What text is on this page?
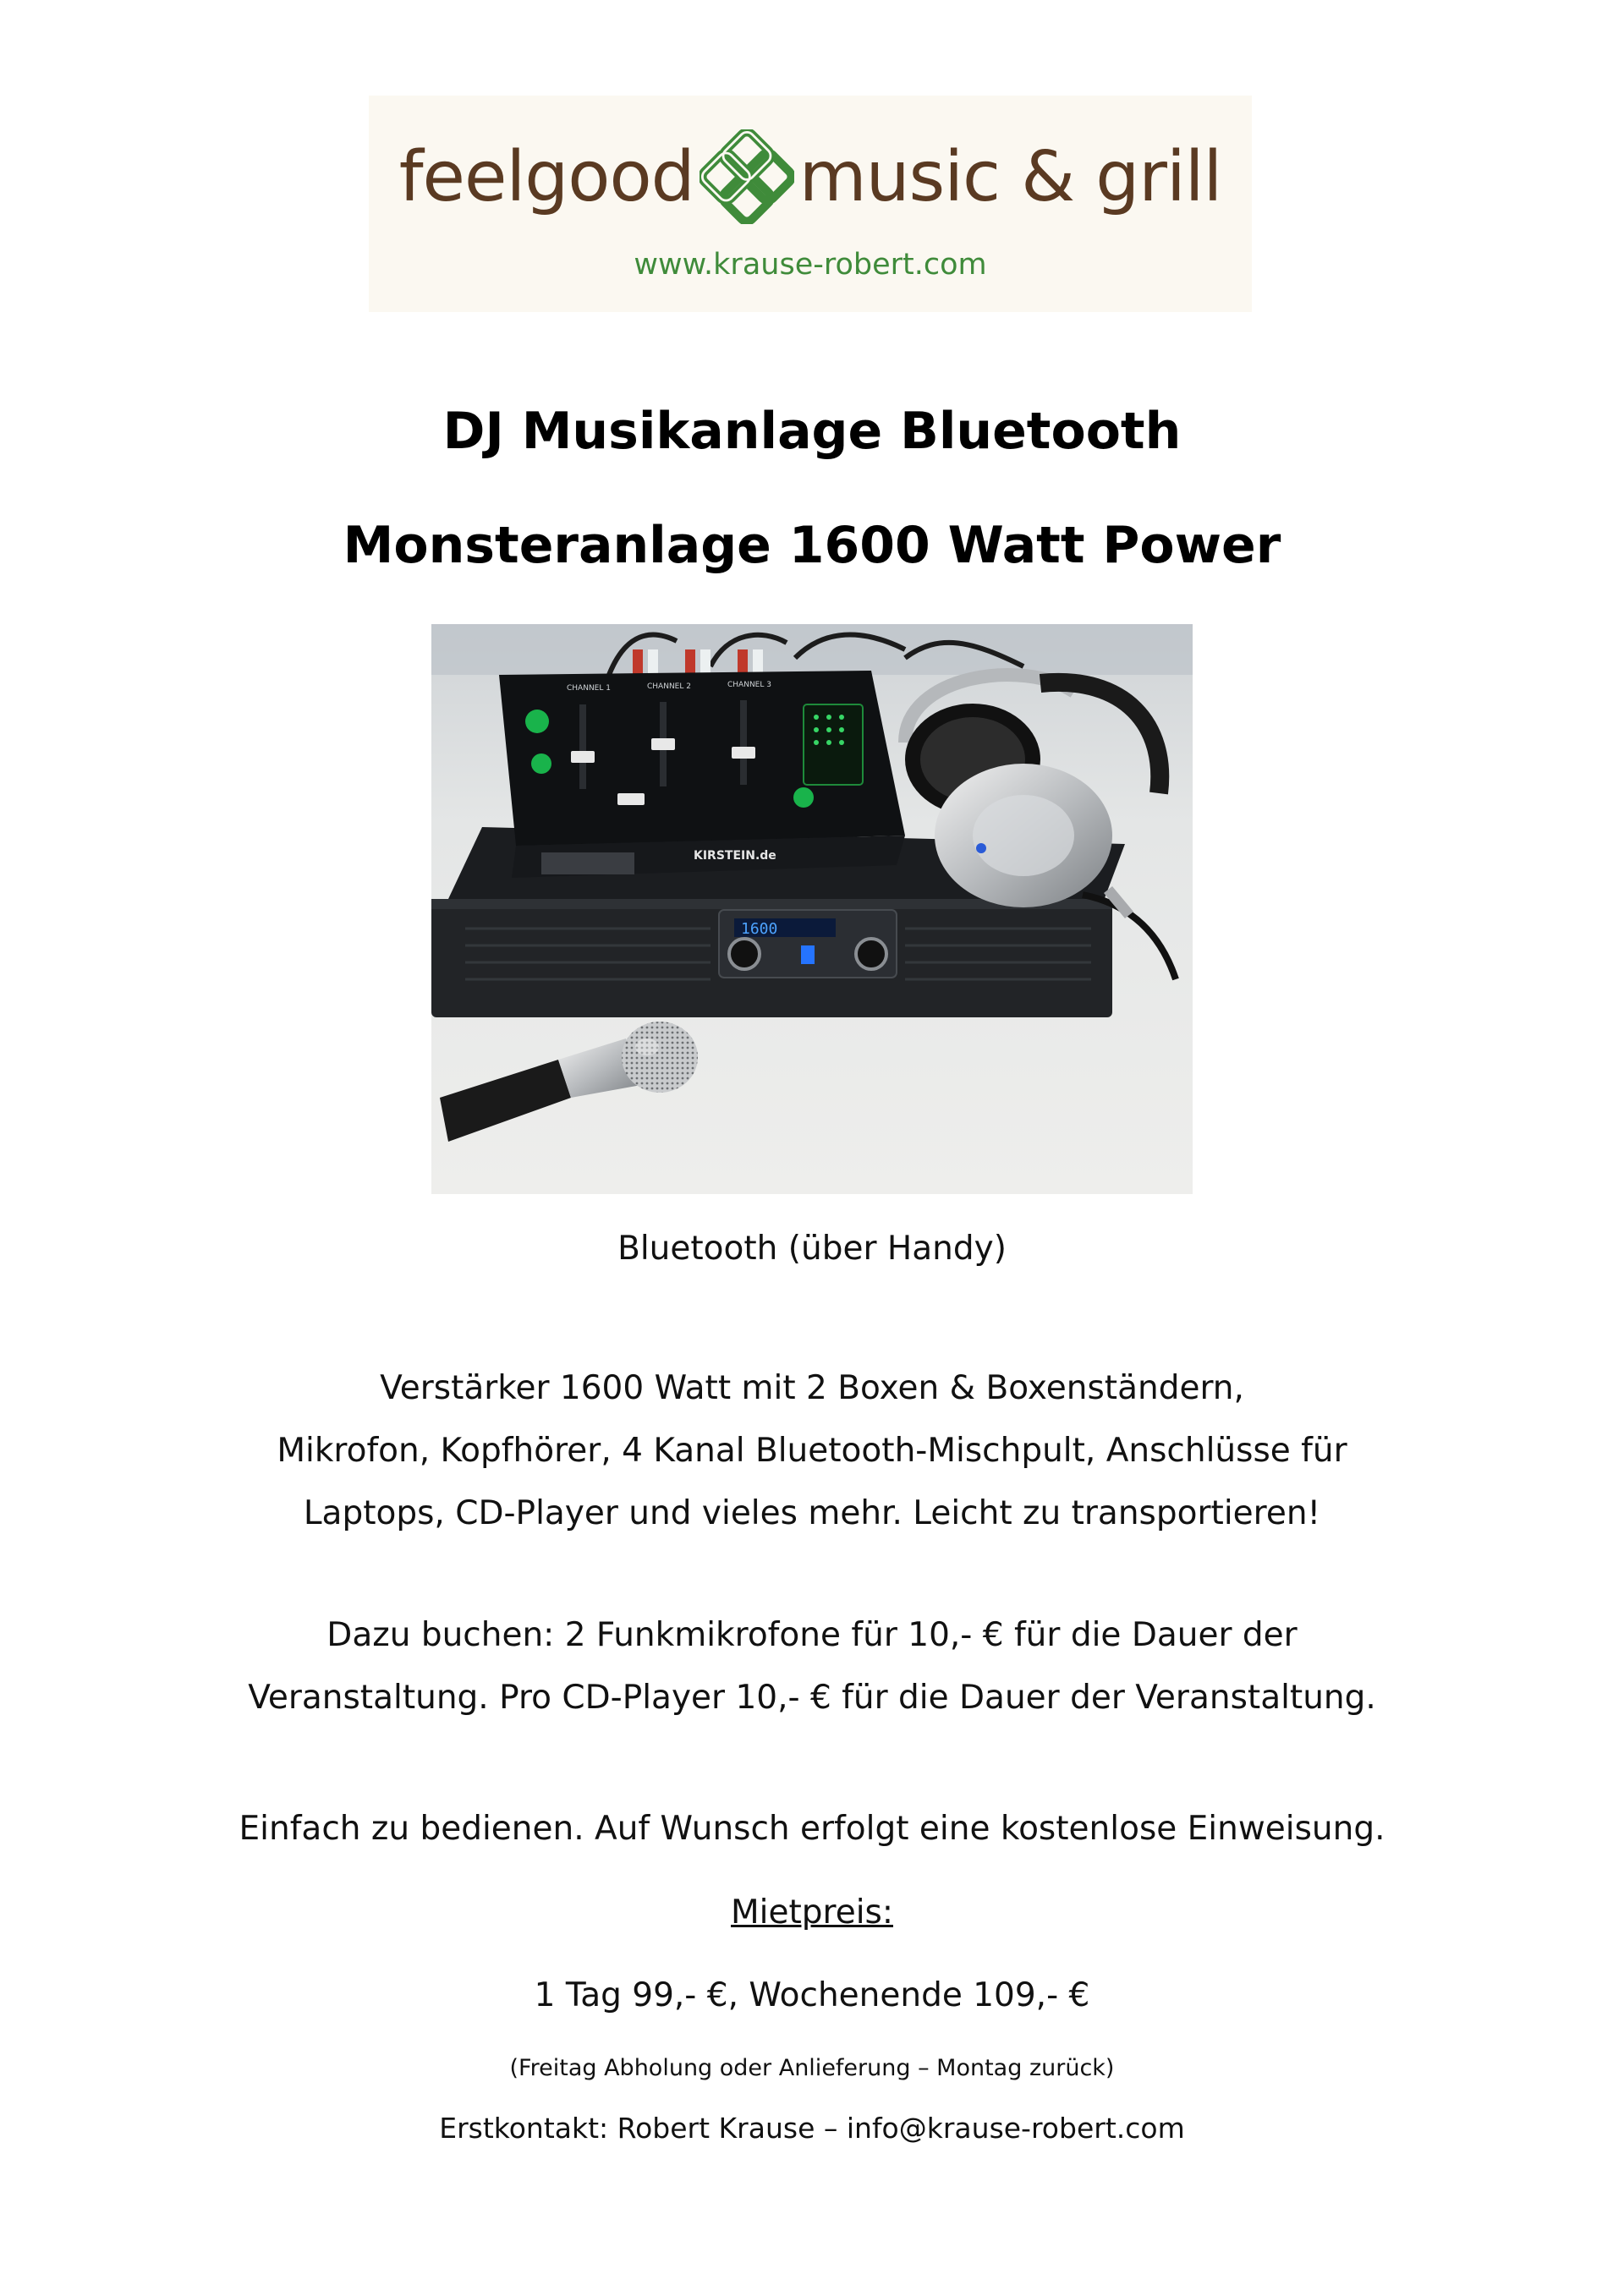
feelgood music & grill
www.krause-robert.com
DJ Musikanlage Bluetooth
Monsteranlage 1600 Watt Power
1600
CHANNEL 1	CHANNEL 2	CHANNEL 3
KIRSTEIN.de
Bluetooth (über Handy)
Verstärker 1600 Watt mit 2 Boxen & Boxenständern,
Mikrofon, Kopfhörer, 4 Kanal Bluetooth-Mischpult, Anschlüsse für
Laptops, CD-Player und vieles mehr. Leicht zu transportieren!
Dazu buchen: 2 Funkmikrofone für 10,- € für die Dauer der
Veranstaltung. Pro CD-Player 10,- € für die Dauer der Veranstaltung.
Einfach zu bedienen. Auf Wunsch erfolgt eine kostenlose Einweisung.
Mietpreis:
1 Tag 99,- €, Wochenende 109,- €
(Freitag Abholung oder Anlieferung – Montag zurück)
Erstkontakt: Robert Krause – info@krause-robert.com
